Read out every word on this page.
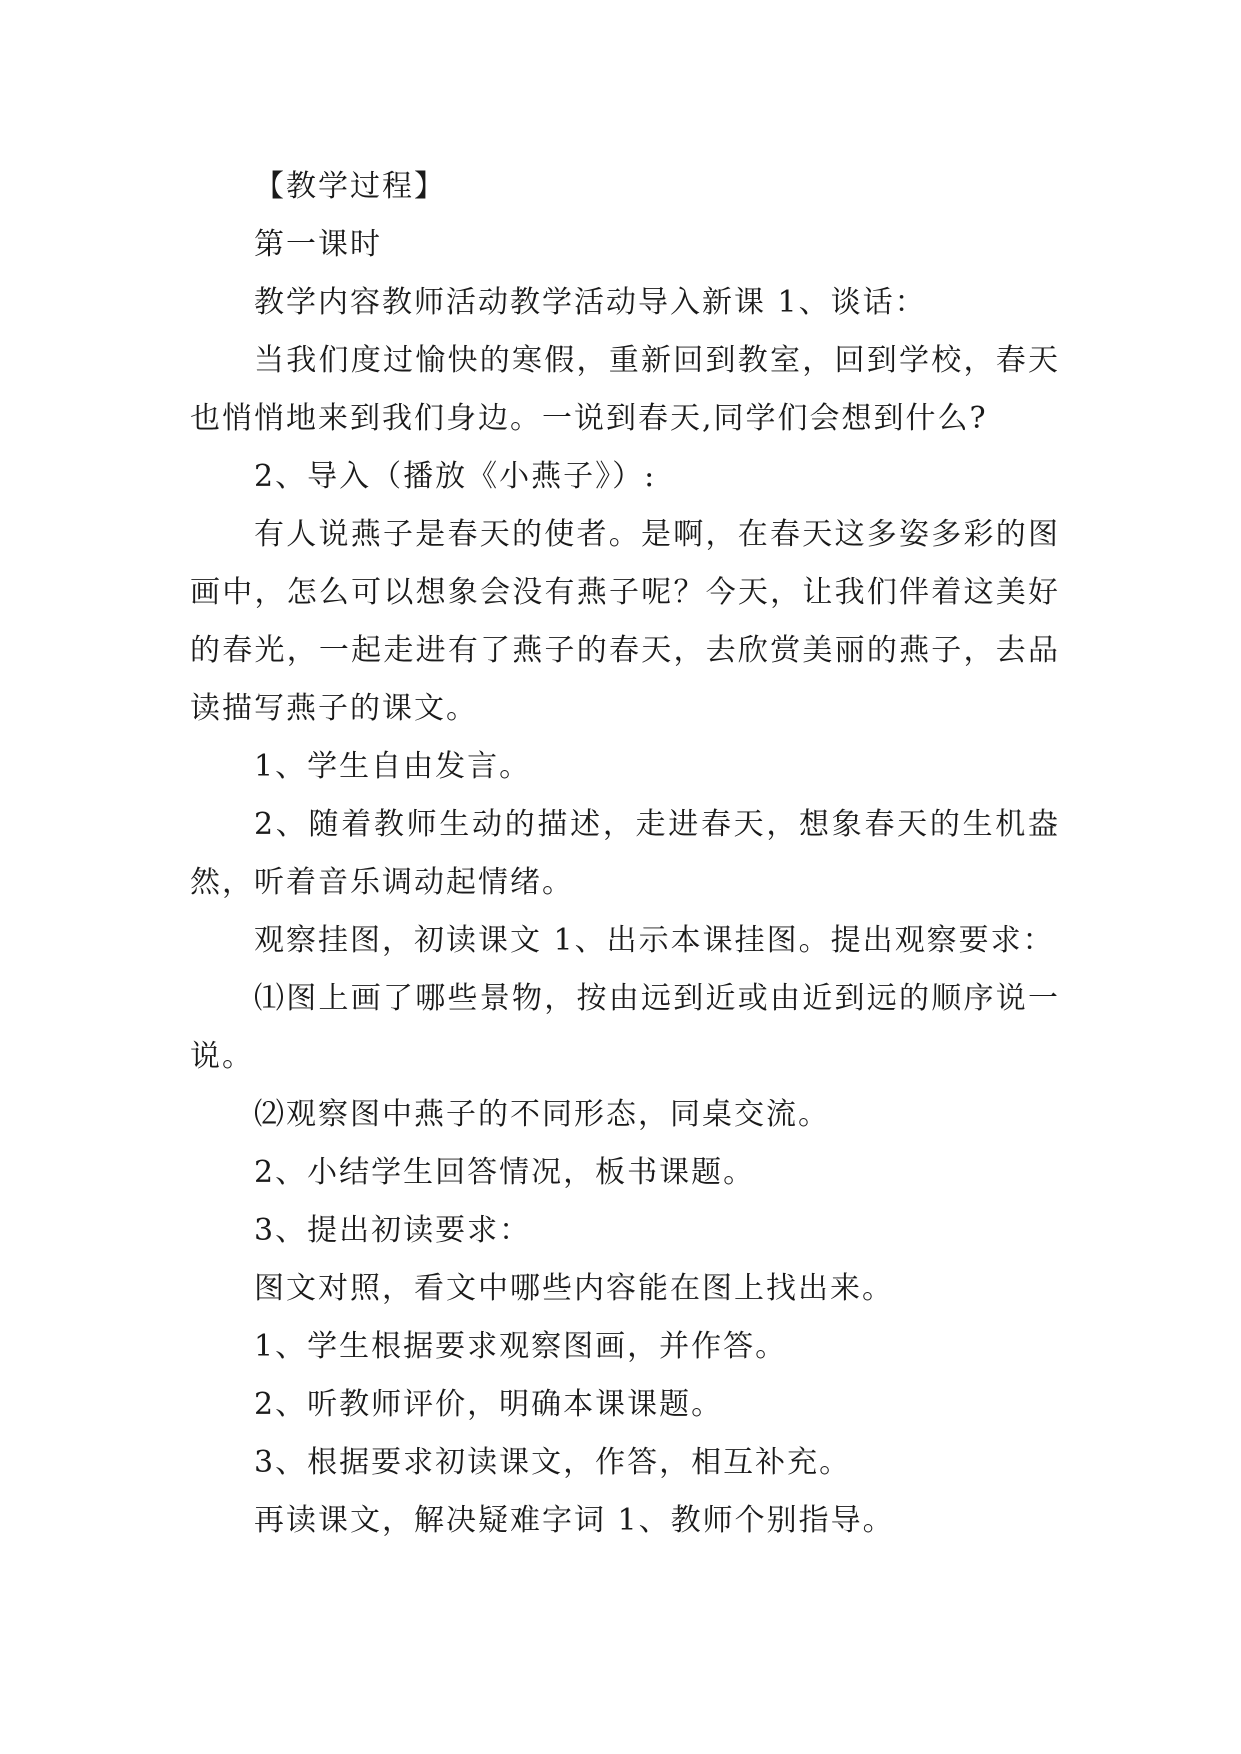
【教学过程】

第一课时

教学内容教师活动教学活动导入新课 1、谈话：

当我们度过愉快的寒假，重新回到教室，回到学校，春天也悄悄地来到我们身边。一说到春天,同学们会想到什么?

2、导入（播放《小燕子》）:

有人说燕子是春天的使者。是啊，在春天这多姿多彩的图画中，怎么可以想象会没有燕子呢？今天，让我们伴着这美好的春光，一起走进有了燕子的春天，去欣赏美丽的燕子，去品读描写燕子的课文。

1、学生自由发言。

2、随着教师生动的描述，走进春天，想象春天的生机盎然，听着音乐调动起情绪。

观察挂图，初读课文 1、出示本课挂图。提出观察要求：

⑴图上画了哪些景物，按由远到近或由近到远的顺序说一说。

⑵观察图中燕子的不同形态，同桌交流。

2、小结学生回答情况，板书课题。

3、提出初读要求：

图文对照，看文中哪些内容能在图上找出来。

1、学生根据要求观察图画，并作答。

2、听教师评价，明确本课课题。

3、根据要求初读课文，作答，相互补充。

再读课文，解决疑难字词 1、教师个别指导。
